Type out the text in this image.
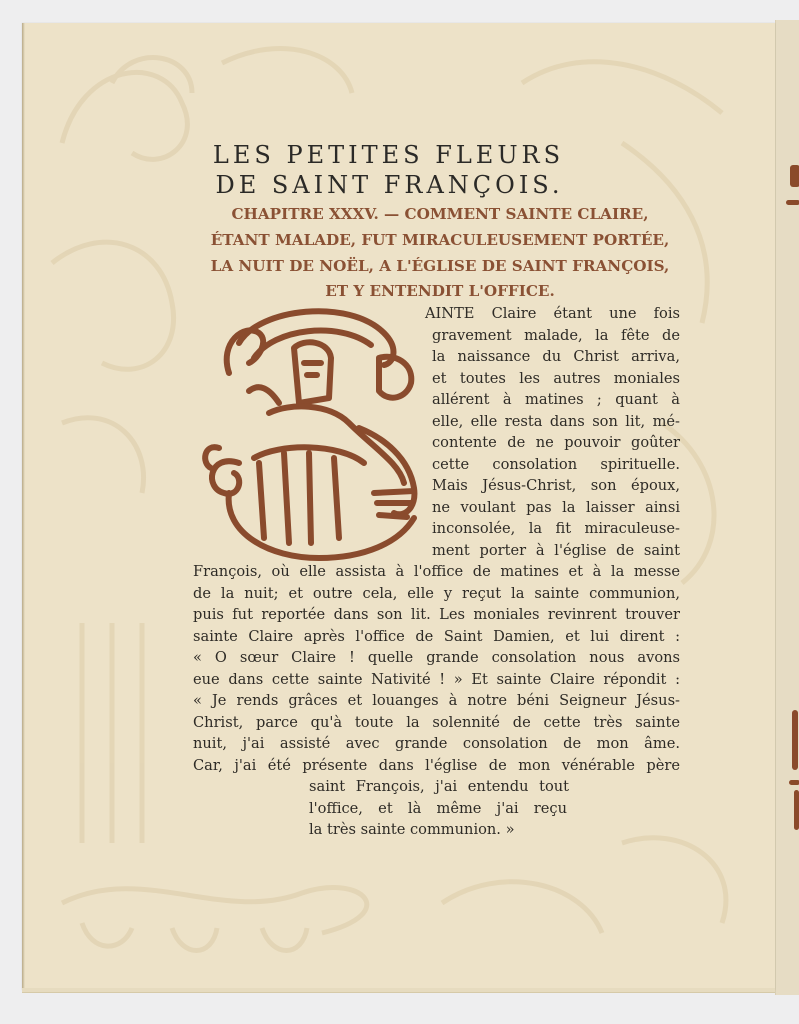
LES PETITES FLEURS
DE SAINT FRANÇOIS.
CHAPITRE XXXV. — COMMENT SAINTE CLAIRE,
ÉTANT MALADE, FUT MIRACULEUSEMENT PORTÉE,
LA NUIT DE NOËL, A L'ÉGLISE DE SAINT FRANÇOIS,
ET Y ENTENDIT L'OFFICE.
AINTE Claire étant une fois
gravement malade, la fête de
la naissance du Christ arriva,
et toutes les autres moniales
allérent à matines ; quant à
elle, elle resta dans son lit, mé-
contente de ne pouvoir goûter
cette consolation spirituelle.
Mais Jésus-Christ, son époux,
ne voulant pas la laisser ainsi
inconsolée, la fit miraculeuse-
ment porter à l'église de saint
François, où elle assista à l'office de matines et à la messe
de la nuit; et outre cela, elle y reçut la sainte communion,
puis fut reportée dans son lit. Les moniales revinrent trouver
sainte Claire après l'office de Saint Damien, et lui dirent :
« O sœur Claire ! quelle grande consolation nous avons
eue dans cette sainte Nativité ! » Et sainte Claire répondit :
« Je rends grâces et louanges à notre béni Seigneur Jésus-
Christ, parce qu'à toute la solennité de cette très sainte
nuit, j'ai assisté avec grande consolation de mon âme.
Car, j'ai été présente dans l'église de mon vénérable père
saint François, j'ai entendu tout
l'office, et là même j'ai reçu
la très sainte communion. »
